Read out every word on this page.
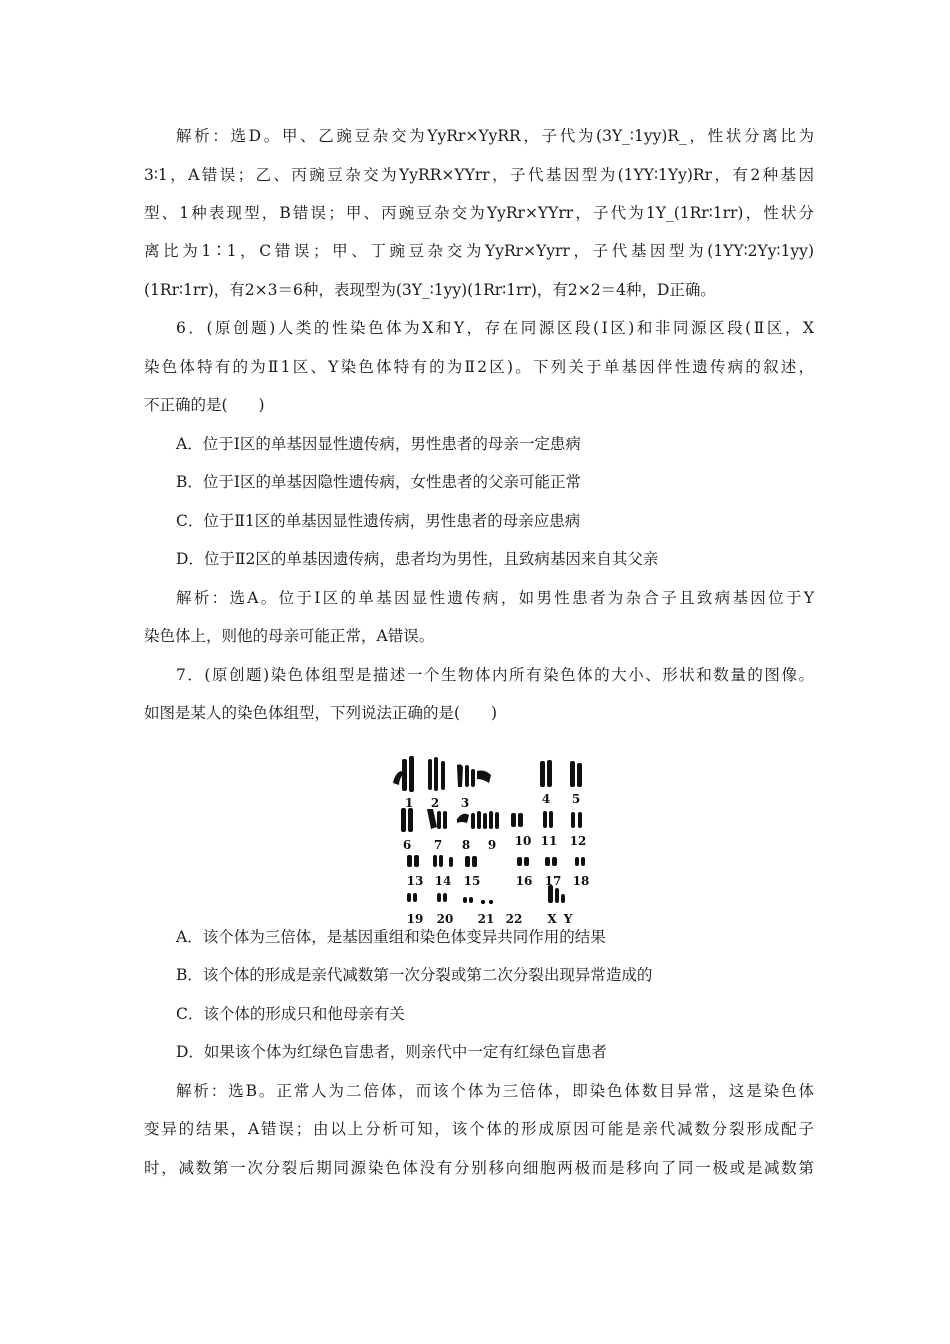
解析：选D。甲、乙豌豆杂交为YyRr×YyRR，子代为(3Y_∶1yy)R_，性状分离比为
3∶1，A错误；乙、丙豌豆杂交为YyRR×YYrr，子代基因型为(1YY∶1Yy)Rr，有2种基因
型、1种表现型，B错误；甲、丙豌豆杂交为YyRr×YYrr，子代为1Y_(1Rr∶1rr)，性状分
离比为1∶1，C错误；甲、丁豌豆杂交为YyRr×Yyrr，子代基因型为(1YY∶2Yy∶1yy)
(1Rr∶1rr)，有2×3＝6种，表现型为(3Y_∶1yy)(1Rr∶1rr)，有2×2＝4种，D正确。
6．(原创题)人类的性染色体为X和Y，存在同源区段(Ⅰ区)和非同源区段(Ⅱ区，X
染色体特有的为Ⅱ1区、Y染色体特有的为Ⅱ2区)。下列关于单基因伴性遗传病的叙述，
不正确的是(　　)
A．位于Ⅰ区的单基因显性遗传病，男性患者的母亲一定患病
B．位于Ⅰ区的单基因隐性遗传病，女性患者的父亲可能正常
C．位于Ⅱ1区的单基因显性遗传病，男性患者的母亲应患病
D．位于Ⅱ2区的单基因遗传病，患者均为男性，且致病基因来自其父亲
解析：选A。位于Ⅰ区的单基因显性遗传病，如男性患者为杂合子且致病基因位于Y
染色体上，则他的母亲可能正常，A错误。
7．(原创题)染色体组型是描述一个生物体内所有染色体的大小、形状和数量的图像。
如图是某人的染色体组型，下列说法正确的是(　　)
1 2 3	4 5
6 7 8 9 10 11 12
13 14 15	16 17 18
19 20 21 22 X Y
A．该个体为三倍体，是基因重组和染色体变异共同作用的结果
B．该个体的形成是亲代减数第一次分裂或第二次分裂出现异常造成的
C．该个体的形成只和他母亲有关
D．如果该个体为红绿色盲患者，则亲代中一定有红绿色盲患者
解析：选B。正常人为二倍体，而该个体为三倍体，即染色体数目异常，这是染色体
变异的结果，A错误；由以上分析可知，该个体的形成原因可能是亲代减数分裂形成配子
时，减数第一次分裂后期同源染色体没有分别移向细胞两极而是移向了同一极或是减数第
